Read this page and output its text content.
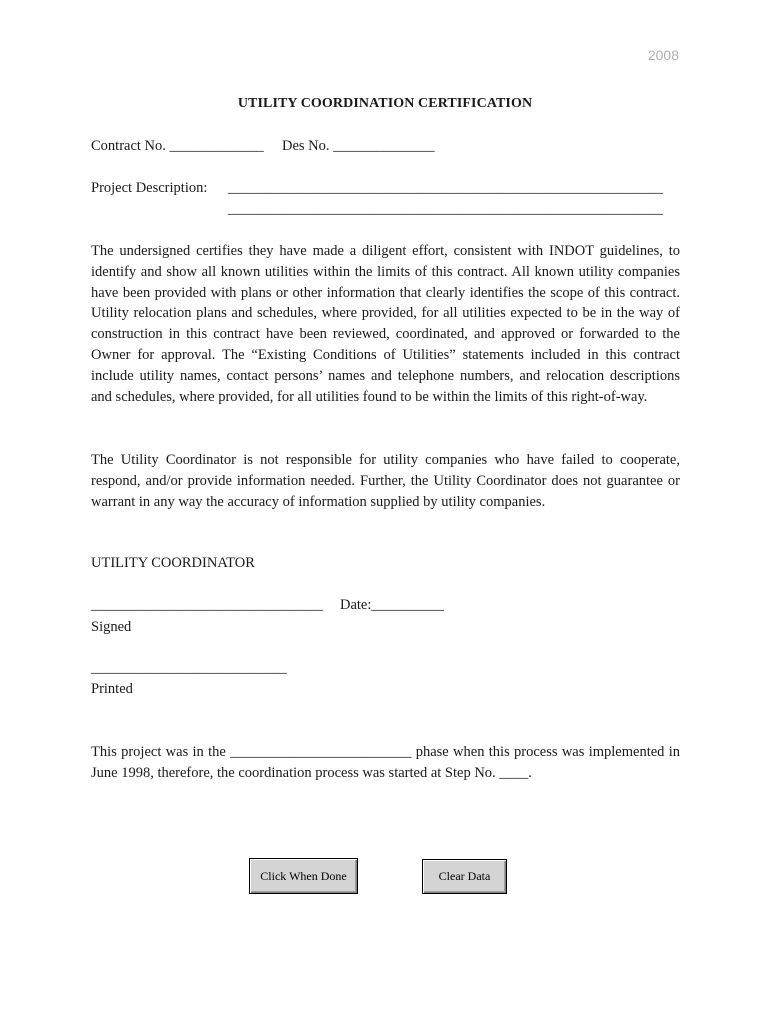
2008
UTILITY COORDINATION CERTIFICATION
Contract No. _____________ Des No. ______________
Project Description: ____________________________________________________________
____________________________________________________________
The undersigned certifies they have made a diligent effort, consistent with INDOT guidelines, to identify and show all known utilities within the limits of this contract. All known utility companies have been provided with plans or other information that clearly identifies the scope of this contract. Utility relocation plans and schedules, where provided, for all utilities expected to be in the way of construction in this contract have been reviewed, coordinated, and approved or forwarded to the Owner for approval. The “Existing Conditions of Utilities” statements included in this contract include utility names, contact persons’ names and telephone numbers, and relocation descriptions and schedules, where provided, for all utilities found to be within the limits of this right-of-way.
The Utility Coordinator is not responsible for utility companies who have failed to cooperate, respond, and/or provide information needed. Further, the Utility Coordinator does not guarantee or warrant in any way the accuracy of information supplied by utility companies.
UTILITY COORDINATOR
________________________________ Date:__________
Signed
___________________________
Printed
This project was in the _________________________ phase when this process was implemented in June 1998, therefore, the coordination process was started at Step No. ____.
Click When Done	Clear Data
